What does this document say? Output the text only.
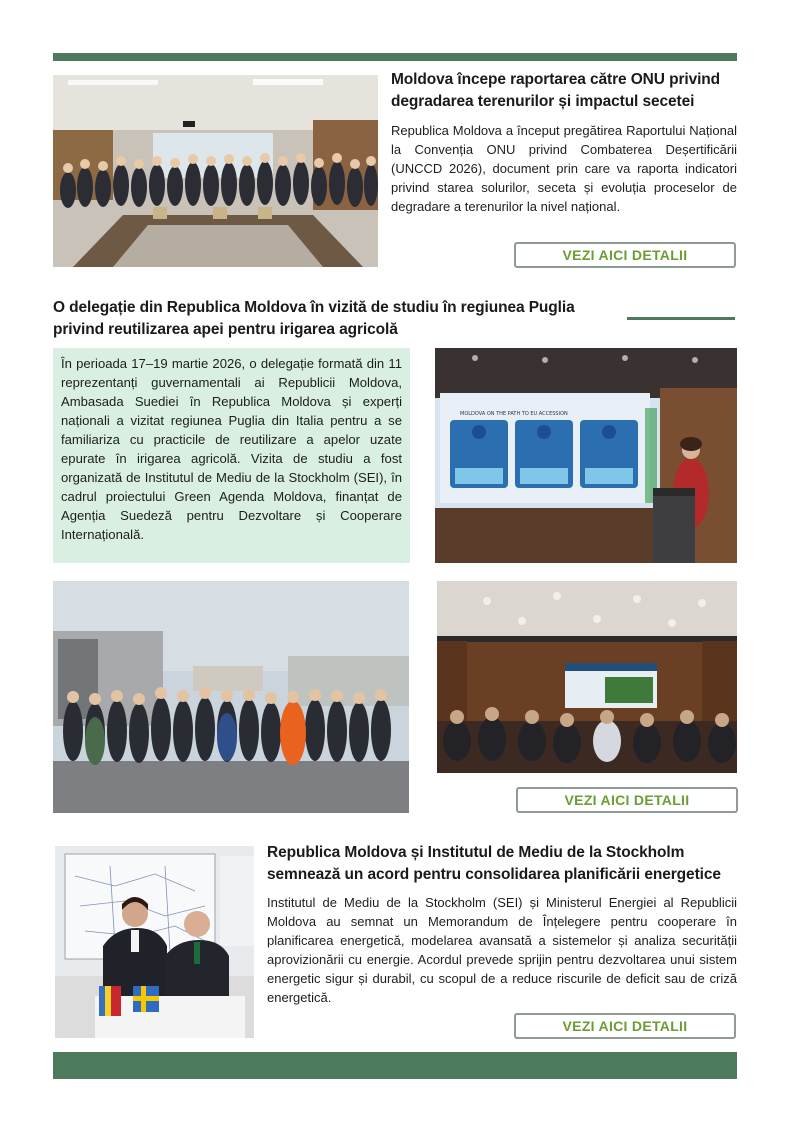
Moldova începe raportarea către ONU privind degradarea terenurilor și impactul secetei

Republica Moldova a început pregătirea Raportului Național la Convenția ONU privind Combaterea Deșertificării (UNCCD 2026), document prin care va raporta indicatori privind starea solurilor, seceta și evoluția proceselor de degradare a terenurilor la nivel național.

VEZI AICI DETALII
O delegație din Republica Moldova în vizită de studiu în regiunea Puglia privind reutilizarea apei pentru irigarea agricolă

În perioada 17–19 martie 2026, o delegație formată din 11 reprezentanți guvernamentali ai Republicii Moldova, Ambasada Suediei în Republica Moldova și experți naționali a vizitat regiunea Puglia din Italia pentru a se familiariza cu practicile de reutilizare a apelor uzate epurate în irigarea agricolă. Vizita de studiu a fost organizată de Institutul de Mediu de la Stockholm (SEI), în cadrul proiectului Green Agenda Moldova, finanțat de Agenția Suedeză pentru Dezvoltare și Cooperare Internațională.

MOLDOVA ON THE PATH TO EU ACCESSION
VEZI AICI DETALII
Republica Moldova și Institutul de Mediu de la Stockholm semnează un acord pentru consolidarea planificării energetice

Institutul de Mediu de la Stockholm (SEI) și Ministerul Energiei al Republicii Moldova au semnat un Memorandum de Înțelegere pentru cooperare în planificarea energetică, modelarea avansată a sistemelor și analiza securității aprovizionării cu energie. Acordul prevede sprijin pentru dezvoltarea unui sistem energetic sigur și durabil, cu scopul de a reduce riscurile de deficit sau de criză energetică.

VEZI AICI DETALII
